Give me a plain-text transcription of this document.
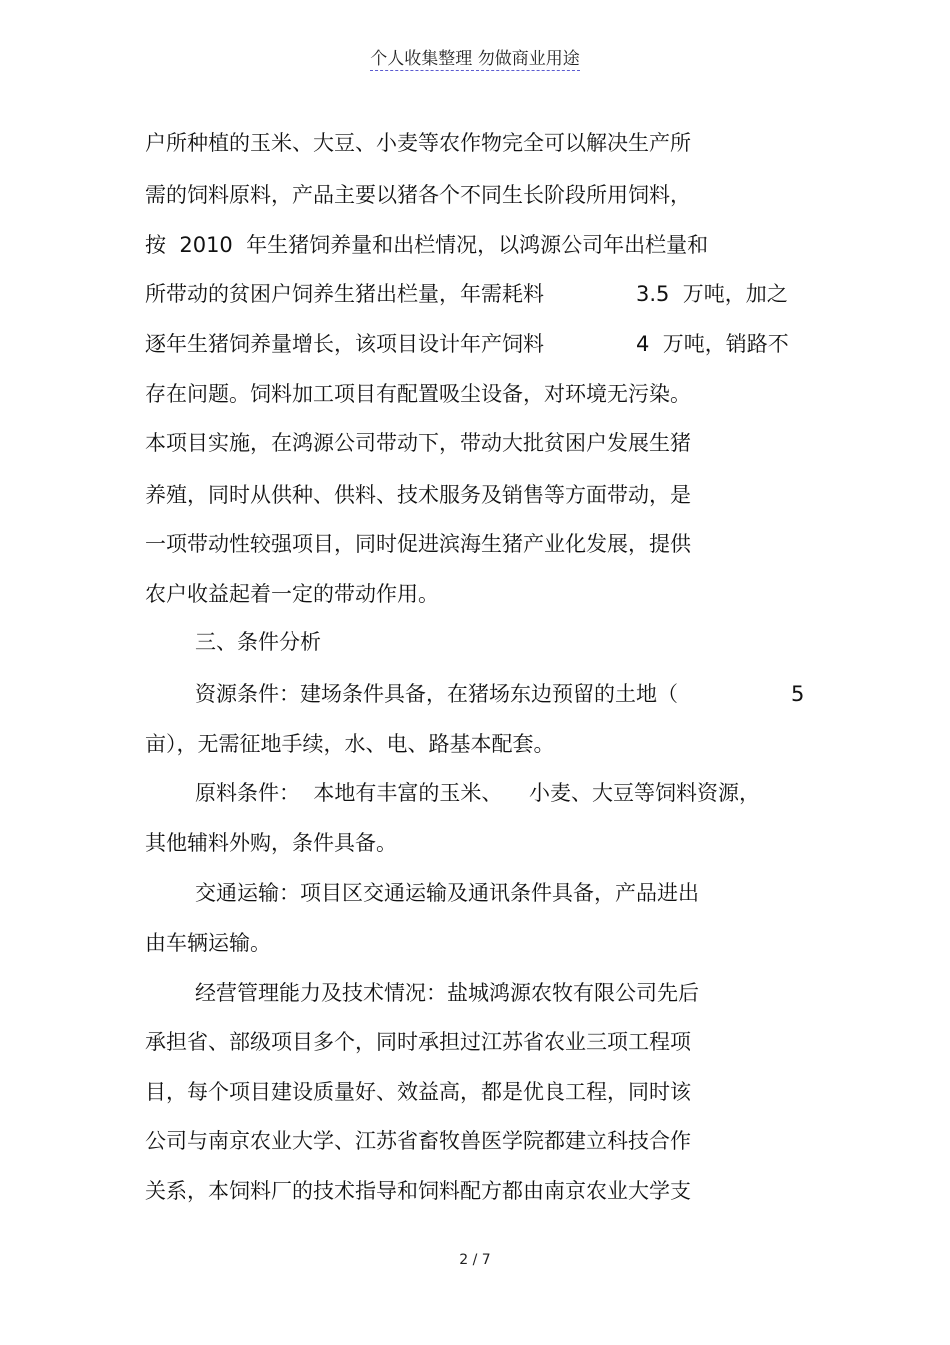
个人收集整理 勿做商业用途
户所种植的玉米、大豆、小麦等农作物完全可以解决生产所
需的饲料原料，产品主要以猪各个不同生长阶段所用饲料，
按  2010  年生猪饲养量和出栏情况，以鸿源公司年出栏量和
所带动的贫困户饲养生猪出栏量，年需耗料	3.5  万吨，加之
逐年生猪饲养量增长，该项目设计年产饲料	4  万吨，销路不
存在问题。饲料加工项目有配置吸尘设备，对环境无污染。
本项目实施，在鸿源公司带动下，带动大批贫困户发展生猪
养殖，同时从供种、供料、技术服务及销售等方面带动，是
一项带动性较强项目，同时促进滨海生猪产业化发展，提供
农户收益起着一定的带动作用。
三、条件分析
资源条件：建场条件具备，在猪场东边预留的土地（	5
亩），无需征地手续，水、电、路基本配套。
原料条件：  本地有丰富的玉米、    小麦、大豆等饲料资源，
其他辅料外购，条件具备。
交通运输：项目区交通运输及通讯条件具备，产品进出
由车辆运输。
经营管理能力及技术情况：盐城鸿源农牧有限公司先后
承担省、部级项目多个，同时承担过江苏省农业三项工程项
目，每个项目建设质量好、效益高，都是优良工程，同时该
公司与南京农业大学、江苏省畜牧兽医学院都建立科技合作
关系，本饲料厂的技术指导和饲料配方都由南京农业大学支
2 / 7
